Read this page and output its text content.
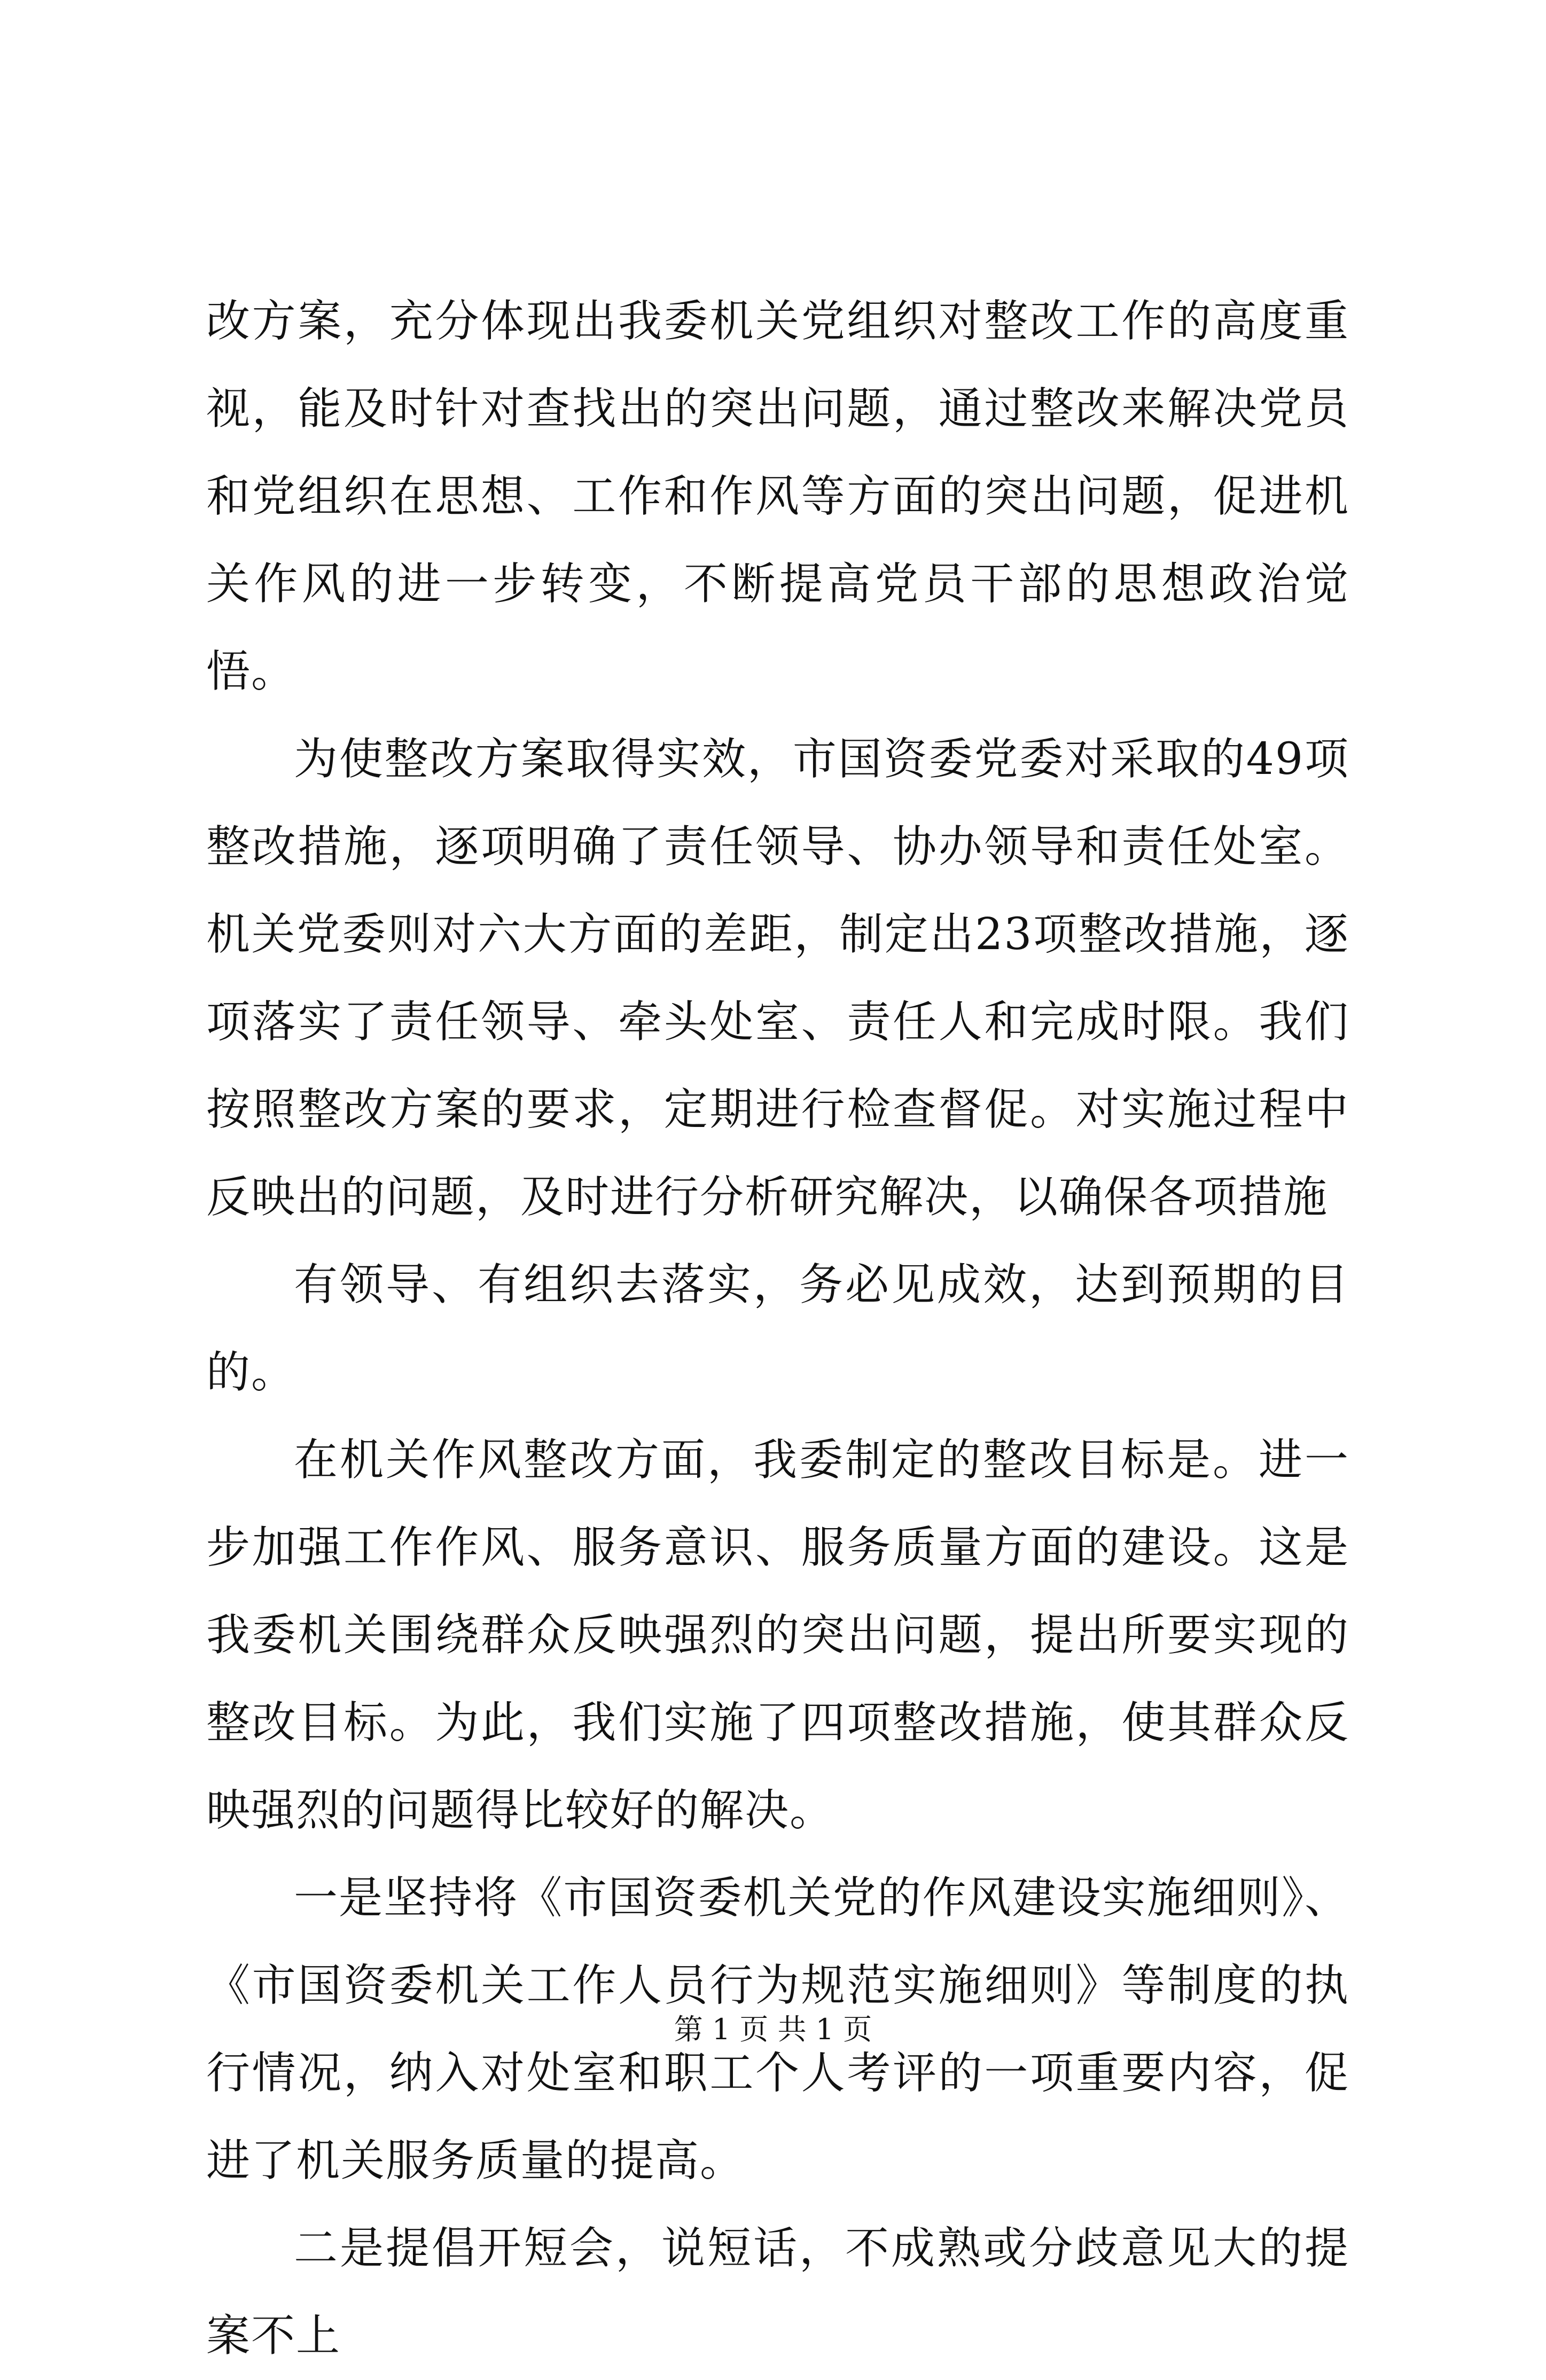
改方案，充分体现出我委机关党组织对整改工作的高度重视，能及时针对查找出的突出问题，通过整改来解决党员和党组织在思想、工作和作风等方面的突出问题，促进机关作风的进一步转变，不断提高党员干部的思想政治觉悟。

为使整改方案取得实效，市国资委党委对采取的49项整改措施，逐项明确了责任领导、协办领导和责任处室。机关党委则对六大方面的差距，制定出23项整改措施，逐项落实了责任领导、牵头处室、责任人和完成时限。我们按照整改方案的要求，定期进行检查督促。对实施过程中反映出的问题，及时进行分析研究解决，以确保各项措施

有领导、有组织去落实，务必见成效，达到预期的目的。

在机关作风整改方面，我委制定的整改目标是。进一步加强工作作风、服务意识、服务质量方面的建设。这是我委机关围绕群众反映强烈的突出问题，提出所要实现的整改目标。为此，我们实施了四项整改措施，使其群众反映强烈的问题得比较好的解决。

一是坚持将《市国资委机关党的作风建设实施细则》、《市国资委机关工作人员行为规范实施细则》等制度的执行情况，纳入对处室和职工个人考评的一项重要内容，促进了机关服务质量的提高。

二是提倡开短会，说短话，不成熟或分歧意见大的提案不上

第 1 页 共 1 页
